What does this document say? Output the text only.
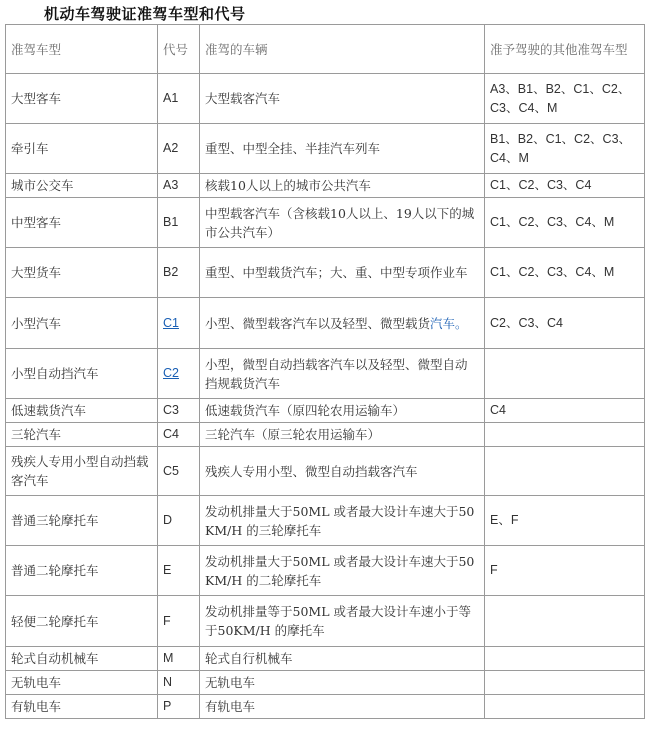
机动车驾驶证准驾车型和代号
准驾车型	代号	准驾的车辆	准予驾驶的其他准驾车型
大型客车	A1	大型载客汽车	A3、B1、B2、C1、C2、C3、C4、M
牵引车	A2	重型、中型全挂、半挂汽车列车	B1、B2、C1、C2、C3、C4、M
城市公交车	A3	核载10人以上的城市公共汽车	C1、C2、C3、C4
中型客车	B1	中型载客汽车（含核载10人以上、19人以下的城市公共汽车）	C1、C2、C3、C4、M
大型货车	B2	重型、中型载货汽车；大、重、中型专项作业车	C1、C2、C3、C4、M
小型汽车	C1	小型、微型载客汽车以及轻型、微型载货汽车。	C2、C3、C4
小型自动挡汽车	C2	小型，微型自动挡载客汽车以及轻型、微型自动挡规载货汽车	
低速载货汽车	C3	低速载货汽车（原四轮农用运输车）	C4
三轮汽车	C4	三轮汽车（原三轮农用运输车）	
残疾人专用小型自动挡载客汽车	C5	残疾人专用小型、微型自动挡载客汽车	
普通三轮摩托车	D	发动机排量大于50ML 或者最大设计车速大于50KM/H 的三轮摩托车	E、F
普通二轮摩托车	E	发动机排量大于50ML 或者最大设计车速大于50KM/H 的二轮摩托车	F
轻便二轮摩托车	F	发动机排量等于50ML 或者最大设计车速小于等于50KM/H 的摩托车	
轮式自动机械车	M	轮式自行机械车	
无轨电车	N	无轨电车	
有轨电车	P	有轨电车	
